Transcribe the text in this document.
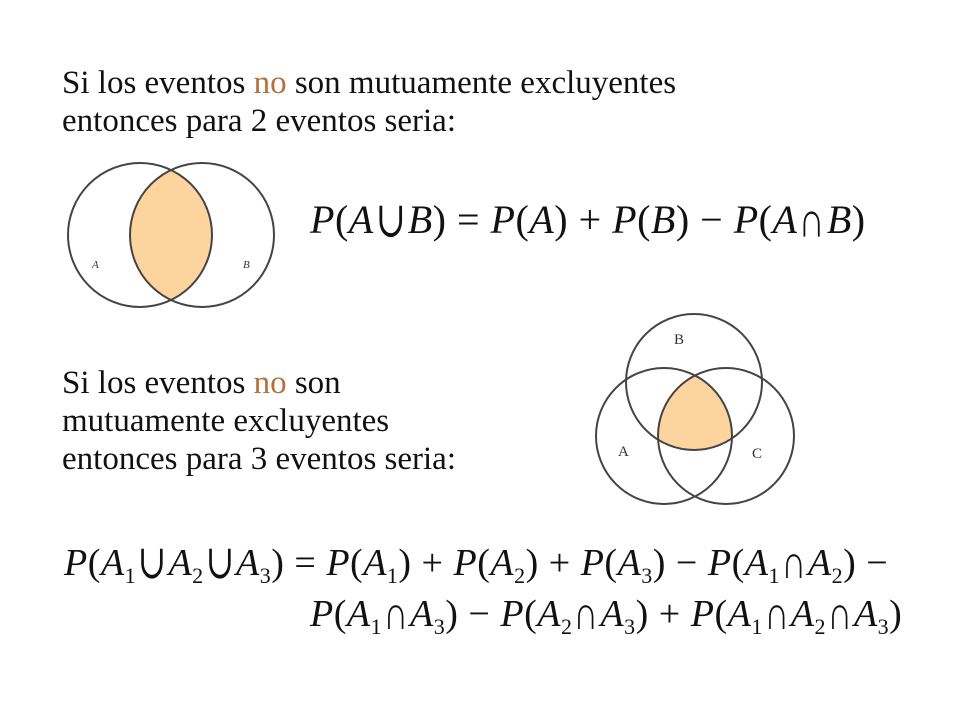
Si los eventos no son mutuamente excluyentes
entonces para 2 eventos seria:
A	B
P(A∪B) = P(A) + P(B) − P(A∩B)
Si los eventos no son
mutuamente excluyentes
entonces para 3 eventos seria:
B
A	C
$P(A_1\cup A_2\cup A_3) = P(A_1) + P(A_2) + P(A_3)$ − $P(A_1\cap A_2)$ −
$P(A_1\cap A_3)$ − $P(A_2\cap A_3)$ + $P(A_1\cap A_2\cap A_3)$
